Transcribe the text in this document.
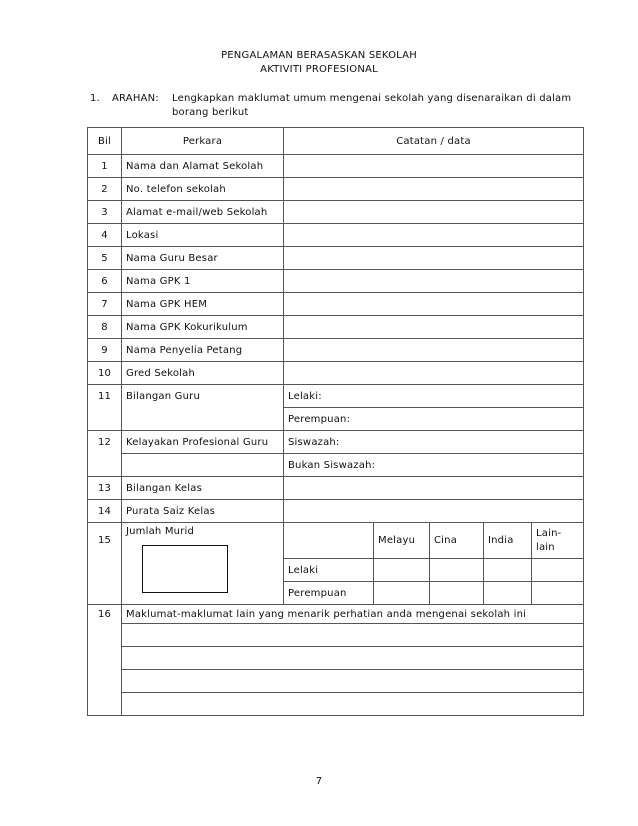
PENGALAMAN BERASASKAN SEKOLAH
AKTIVITI PROFESIONAL
1. ARAHAN: Lengkapkan maklumat umum mengenai sekolah yang disenaraikan di dalam
borang berikut
Bil	Perkara	Catatan / data				
1	Nama dan Alamat Sekolah					
2	No. telefon sekolah					
3	Alamat e-mail/web Sekolah					
4	Lokasi					
5	Nama Guru Besar					
6	Nama GPK 1					
7	Nama GPK HEM					
8	Nama GPK Kokurikulum					
9	Nama Penyelia Petang					
10	Gred Sekolah					
11	Bilangan Guru	Lelaki:				
		Perempuan:				
12	Kelayakan Profesional Guru	Siswazah:				
		Bukan Siswazah:				
13	Bilangan Kelas					
14	Purata Saiz Kelas					
15	Jumlah Murid		Melayu	Cina	India	Lain-lain
		Lelaki				
		Perempuan				
16	Maklumat-maklumat lain yang menarik perhatian anda mengenai sekolah ini					

7
